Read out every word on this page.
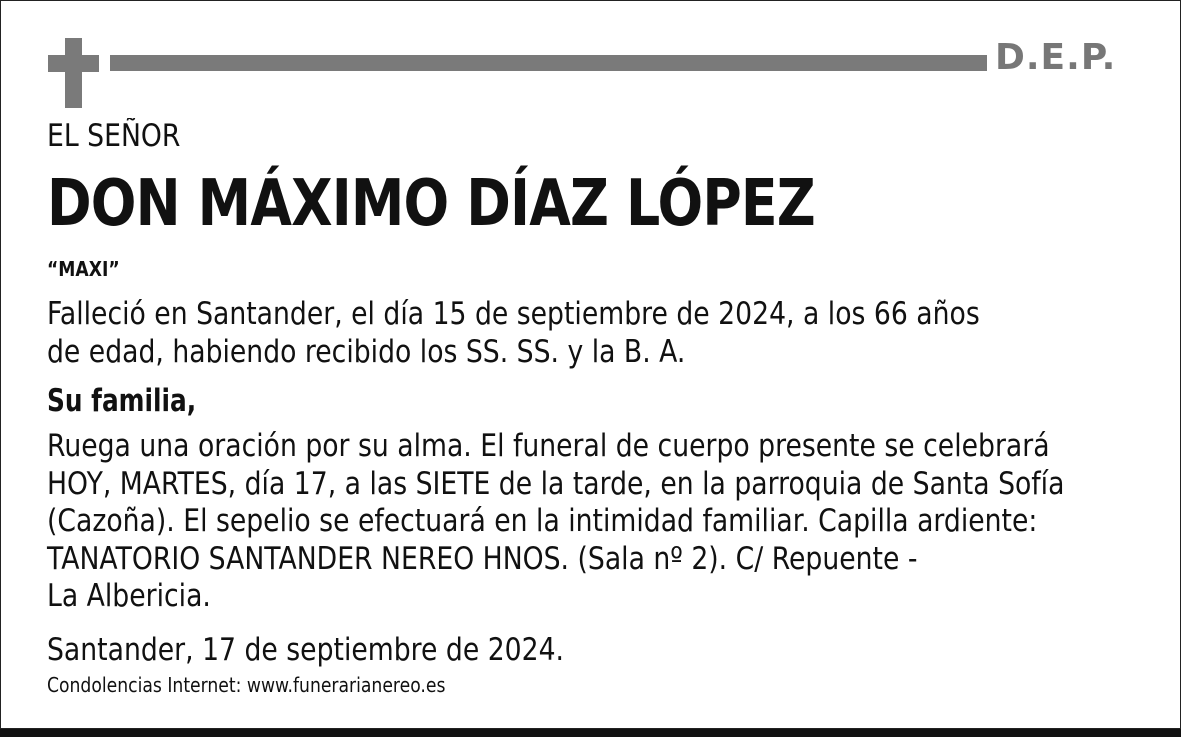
D.E.P.
EL SEÑOR
DON MÁXIMO DÍAZ LÓPEZ
“MAXI”
Falleció en Santander, el día 15 de septiembre de 2024, a los 66 años
de edad, habiendo recibido los SS. SS. y la B. A.
Su familia,
Ruega una oración por su alma. El funeral de cuerpo presente se celebrará
HOY, MARTES, día 17, a las SIETE de la tarde, en la parroquia de Santa Sofía
(Cazoña). El sepelio se efectuará en la intimidad familiar. Capilla ardiente:
TANATORIO SANTANDER NEREO HNOS. (Sala nº 2). C/ Repuente -
La Albericia.
Santander, 17 de septiembre de 2024.
Condolencias Internet: www.funerarianereo.es
